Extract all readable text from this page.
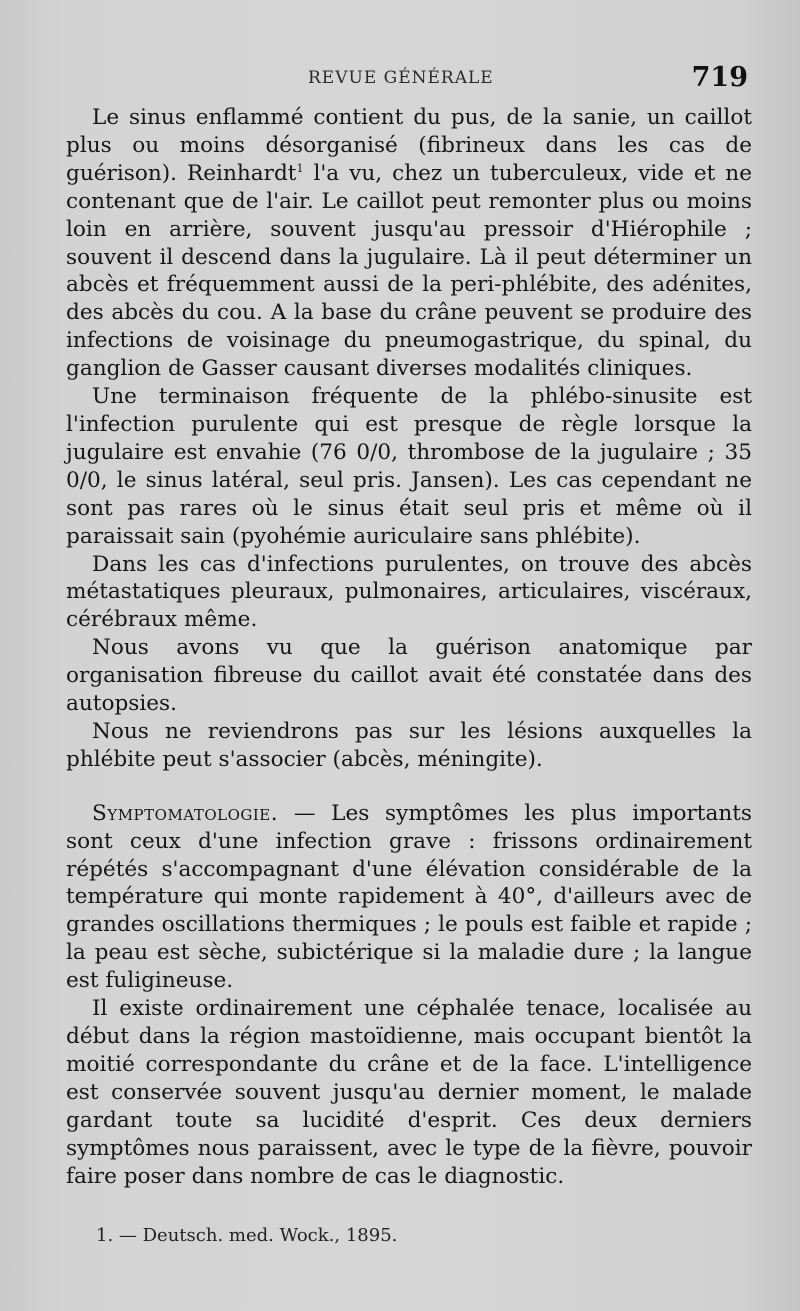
REVUE GÉNÉRALE	719

Le sinus enflammé contient du pus, de la sanie, un caillot plus ou moins désorganisé (fibrineux dans les cas de guérison). Reinhardt$^1$ l'a vu, chez un tuberculeux, vide et ne contenant que de l'air. Le caillot peut remonter plus ou moins loin en arrière, souvent jusqu'au pressoir d'Hiérophile ; souvent il descend dans la jugulaire. Là il peut déterminer un abcès et fréquemment aussi de la peri-phlébite, des adénites, des abcès du cou. A la base du crâne peuvent se produire des infections de voisinage du pneumogastrique, du spinal, du ganglion de Gasser causant diverses modalités cliniques.

Une terminaison fréquente de la phlébo-sinusite est l'infection purulente qui est presque de règle lorsque la jugulaire est envahie (76 0/0, thrombose de la jugulaire ; 35 0/0, le sinus latéral, seul pris. Jansen). Les cas cependant ne sont pas rares où le sinus était seul pris et même où il paraissait sain (pyohémie auriculaire sans phlébite).

Dans les cas d'infections purulentes, on trouve des abcès métastatiques pleuraux, pulmonaires, articulaires, viscéraux, cérébraux même.

Nous avons vu que la guérison anatomique par organisation fibreuse du caillot avait été constatée dans des autopsies.

Nous ne reviendrons pas sur les lésions auxquelles la phlébite peut s'associer (abcès, méningite).

Symptomatologie. — Les symptômes les plus importants sont ceux d'une infection grave : frissons ordinairement répétés s'accompagnant d'une élévation considérable de la température qui monte rapidement à 40°, d'ailleurs avec de grandes oscillations thermiques ; le pouls est faible et rapide ; la peau est sèche, subictérique si la maladie dure ; la langue est fuligineuse.

Il existe ordinairement une céphalée tenace, localisée au début dans la région mastoïdienne, mais occupant bientôt la moitié correspondante du crâne et de la face. L'intelligence est conservée souvent jusqu'au dernier moment, le malade gardant toute sa lucidité d'esprit. Ces deux derniers symptômes nous paraissent, avec le type de la fièvre, pouvoir faire poser dans nombre de cas le diagnostic.

1. — Deutsch. med. Wock., 1895.
